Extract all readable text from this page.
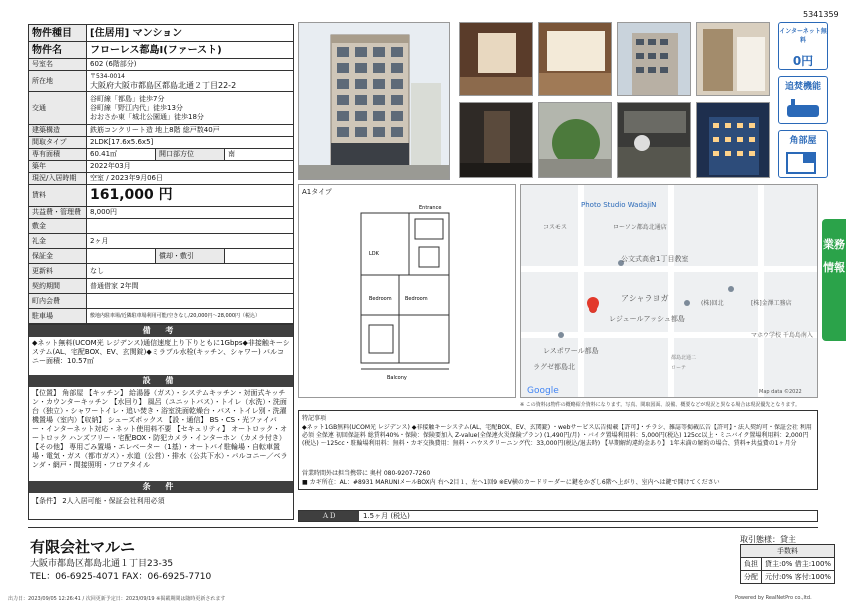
5341359
物件種目	[住居用] マンション		
物件名	フローレス都島I(ファースト)		
号室名	602 (6階部分)		
所在地	〒534-0014
大阪府大阪市都島区都島北通２丁目22-2		

交通	谷町線「都島」徒歩7分
谷町線「野江内代」徒歩13分
おおさか東「城北公園通」徒歩18分		

建築構造	鉄筋コンクリート造 地上8階 総戸数40戸		
間取タイプ	2LDK[17.6x5.6x5]		
専有面積	60.41㎡	開口部方位	南
築年	2022年03月		
現況/入居時期	空室 / 2023年9月06日		
賃料	161,000 円		
共益費・管理費	8,000円		
敷金			
礼金	2ヶ月		
保証金		償却・敷引	
更新料	なし		
契約期間	普通借家 2年間		
町内会費			
駐車場	敷地内駐車場/近隣駐車場利用可能/空きなし/20,000円～28,000円（税込）		
備 考
◆ネット無料(UCOM光 レジデンス)通信速度上り下りともに1Gbps◆非接触キーシステム(AL、宅配BOX、EV、玄関錠)◆ミラブル水栓(キッチン、シャワー) バルコニー面積：10.57㎡
設 備
【位置】 角部屋 【キッチン】 給湯器（ガス）・システムキッチン・対面式キッチン・カウンターキッチン 【水回り】 風呂（ユニットバス）・トイレ（水洗）・洗面台（独立）・シャワートイレ・追い焚き・浴室洗面乾燥台・バス・トイレ別・洗濯機置場（室内）【収納】 シューズボックス 【設・通信】 BS・CS・光ファイバー・インターネット対応・ネット使用料不要 【セキュリティ】 オートロック・オートロック ハンズフリー・宅配BOX・防犯カメラ・インターホン（カメラ付き）【その他】 専用ごみ置場・エレベーター（1基）・オートバイ駐輪場・自転車置場・電気・ガス（都市ガス）・水道（公営）・排水（公共下水）・バルコニー／ベランダ・網戸・間接照明・フロアタイル
条 件
【条件】 2人入居可能・保証会社利用必須
インターネット無料
0円
追焚機能
角部屋
A1タイプ
LDK
Bedroom	Bedroom
Entrance
Balcony
Photo Studio WadajiN
コスモス	ローソン都島北通店
公文式高倉1丁目教室
アシャラヨガ
レジュールアッシュ都島
(株)回北	[株]金澤工務店
マホウ学校 千島島南入
レスポワール都島
ラグゼ都島北
都島北通二
ローテ
Google	Map data ©2022
※ この資料は物件の概略紹介資料になります。写真、間取図面、設備、概要などが現況と異なる場合は現況優先となります。
特記事項
◆ネット1GB無料(UCOM光 レジデンス) ◆非接触キーシステム(AL、宅配BOX、EV、玄関錠) ・webサービス広告掲載【許可】・チラシ、雑誌等掲載広告【許可】・法人契約可・保証会社 利用必須 全保連 初回保証料 総賃料40%・保険：保険要加入 Z-value(全保連火災保険プラン) (1,490円/月) ・バイク置場利用料：5,000円(税込) 125cc以上・ミニバイク置場利用料：2,000円(税込) ～125cc・駐輪場利用料：無料・カギ交換費用：無料・ハウスクリーニング代：33,000円(税込/退去時) 【早期解約違約金あり】 1年未満の解約の場合、賃料+共益費の1ヶ月分
営業時間外は担当携帯に 奥村 080-9207-7260
■ カギ所在：AL：#8931 MARUNIメールBOX内 右へ2目１、左へ1回9 ※EV横のカードリーダーに鍵をかざし6階へ上がり、室内へは鍵で開けてください
ＡＤ	1.5ヶ月 (税込)
業務情報
有限会社マルニ
大阪市都島区都島北通１丁目23-35
TEL：06-6925-4071 FAX：06-6925-7710
取引態様：貸主
手数料	
負担	貸主:0% 借主:100%
分配	元付:0% 客付:100%
出力日：2023/09/05 12:26:41 / 次回更新予定日：2023/09/19 ※掲載期間は随時更新されます	Powered by RealNetPro co.,ltd.
